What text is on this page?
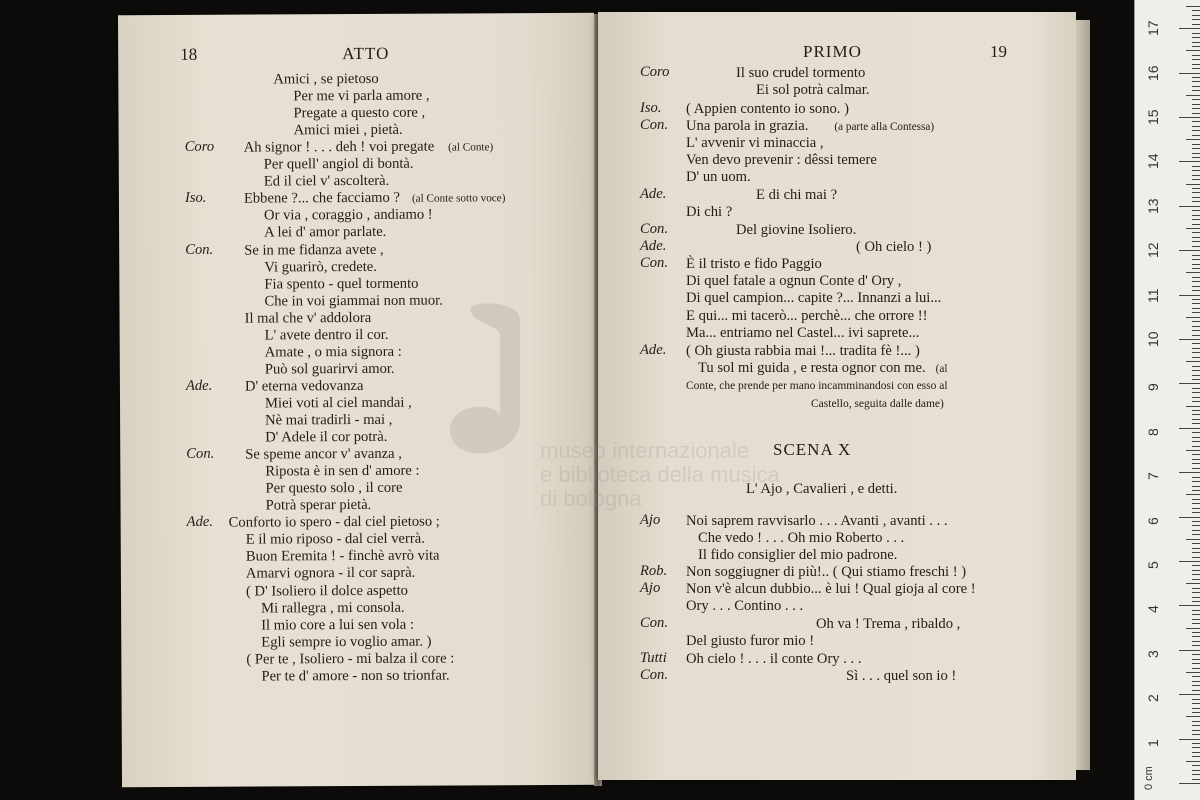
18	ATTO
Amici , se pietoso
Per me vi parla amore ,
Pregate a questo core ,
Amici miei , pietà.
Coro Ah signor ! . . . deh ! voi pregate (al Conte)
Per quell' angiol di bontà.
Ed il ciel v' ascolterà.
Iso.	Ebbene ?... che facciamo ? (al Conte sotto voce)
Or via , coraggio , andiamo !
A lei d' amor parlate.
Con. Se in me fidanza avete ,
Vi guarirò, credete.
Fia spento - quel tormento
Che in voi giammai non muor.
Il mal che v' addolora
L' avete dentro il cor.
Amate , o mia signora :
Può sol guarirvi amor.
Ade. D' eterna vedovanza
Miei voti al ciel mandai ,
Nè mai tradirli - mai ,
D' Adele il cor potrà.
Con. Se speme ancor v' avanza ,
Riposta è in sen d' amore :
Per questo solo , il core
Potrà sperar pietà.
Ade. Conforto io spero - dal ciel pietoso ;
E il mio riposo - dal ciel verrà.
Buon Eremita ! - finchè avrò vita
Amarvi ognora - il cor saprà.
( D' Isoliero il dolce aspetto
Mi rallegra , mi consola.
Il mio core a lui sen vola :
Egli sempre io voglio amar. )
( Per te , Isoliero - mi balza il core :
Per te d' amore - non so trionfar.
PRIMO	19
Coro	Il suo crudel tormento
Ei sol potrà calmar.
Iso. ( Appien contento io sono. )
Con. Una parola in grazia. (a parte alla Contessa)
L' avvenir vi minaccia ,
Ven devo prevenir : dêssi temere
D' un uom.
Ade.	E di chi mai ?
Di chi ?
Con.	Del giovine Isoliero.
Ade.	( Oh cielo ! )
Con. È il tristo e fido Paggio
Di quel fatale a ognun Conte d' Ory ,
Di quel campion... capite ?... Innanzi a lui...
E qui... mi tacerò... perchè... che orrore !!
Ma... entriamo nel Castel... ivi saprete...
Ade. ( Oh giusta rabbia mai !... tradita fè !... )
Tu sol mi guida , e resta ognor con me. (al
Conte, che prende per mano incamminandosi con esso al
Castello, seguita dalle dame)
SCENA X
L' Ajo , Cavalieri , e detti.
Ajo Noi saprem ravvisarlo . . . Avanti , avanti . . .
Che vedo ! . . . Oh mio Roberto . . .
Il fido consiglier del mio padrone.
Rob. Non soggiugner di più!.. ( Qui stiamo freschi ! )
Ajo Non v'è alcun dubbio... è lui ! Qual gioja al core !
Ory . . . Contino . . .
Con.	Oh va ! Trema , ribaldo ,
Del giusto furor mio !
Tutti Oh cielo ! . . . il conte Ory . . .
Con.	Sì . . . quel son io !
museo internazionale
e biblioteca della musica
di bologna
1
2
3
4
5
6
7
8
9
10
11
12
13
14
15
16
17
0 cm
